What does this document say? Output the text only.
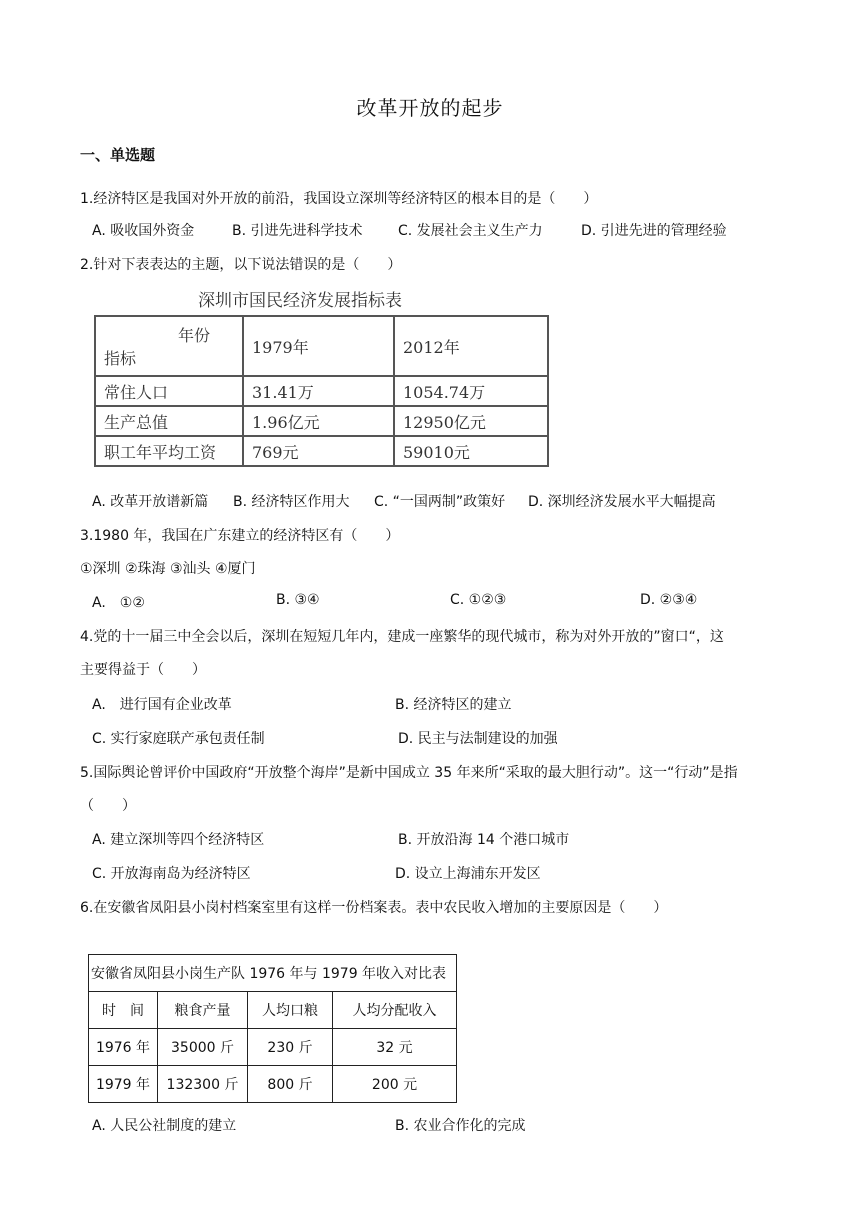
改革开放的起步
一、单选题
1.经济特区是我国对外开放的前沿，我国设立深圳等经济特区的根本目的是（　　）
A. 吸收国外资金	B. 引进先进科学技术	C. 发展社会主义生产力	D. 引进先进的管理经验
2.针对下表表达的主题，以下说法错误的是（　　）
深圳市国民经济发展指标表
年份
指标	1979年	2012年
常住人口	31.41万	1054.74万
生产总值	1.96亿元	12950亿元
职工年平均工资	769元	59010元
A. 改革开放谱新篇 B. 经济特区作用大 C. “一国两制”政策好 D. 深圳经济发展水平大幅提高
3.1980 年，我国在广东建立的经济特区有（　　）
①深圳 ②珠海 ③汕头 ④厦门
A.　①②	B. ③④	C. ①②③	D. ②③④
4.党的十一届三中全会以后，深圳在短短几年内，建成一座繁华的现代城市，称为对外开放的”窗口“，这
主要得益于（　　）
A.　进行国有企业改革	B. 经济特区的建立
C. 实行家庭联产承包责任制	D. 民主与法制建设的加强
5.国际舆论曾评价中国政府“开放整个海岸”是新中国成立 35 年来所“采取的最大胆行动”。这一“行动”是指
（　　）
A. 建立深圳等四个经济特区	B. 开放沿海 14 个港口城市
C. 开放海南岛为经济特区	D. 设立上海浦东开发区
6.在安徽省凤阳县小岗村档案室里有这样一份档案表。表中农民收入增加的主要原因是（　　）
安徽省凤阳县小岗生产队 1976 年与 1979 年收入对比表			
时　间	粮食产量	人均口粮	人均分配收入
1976 年	35000 斤	230 斤	32 元
1979 年	132300 斤	800 斤	200 元
A. 人民公社制度的建立	B. 农业合作化的完成
